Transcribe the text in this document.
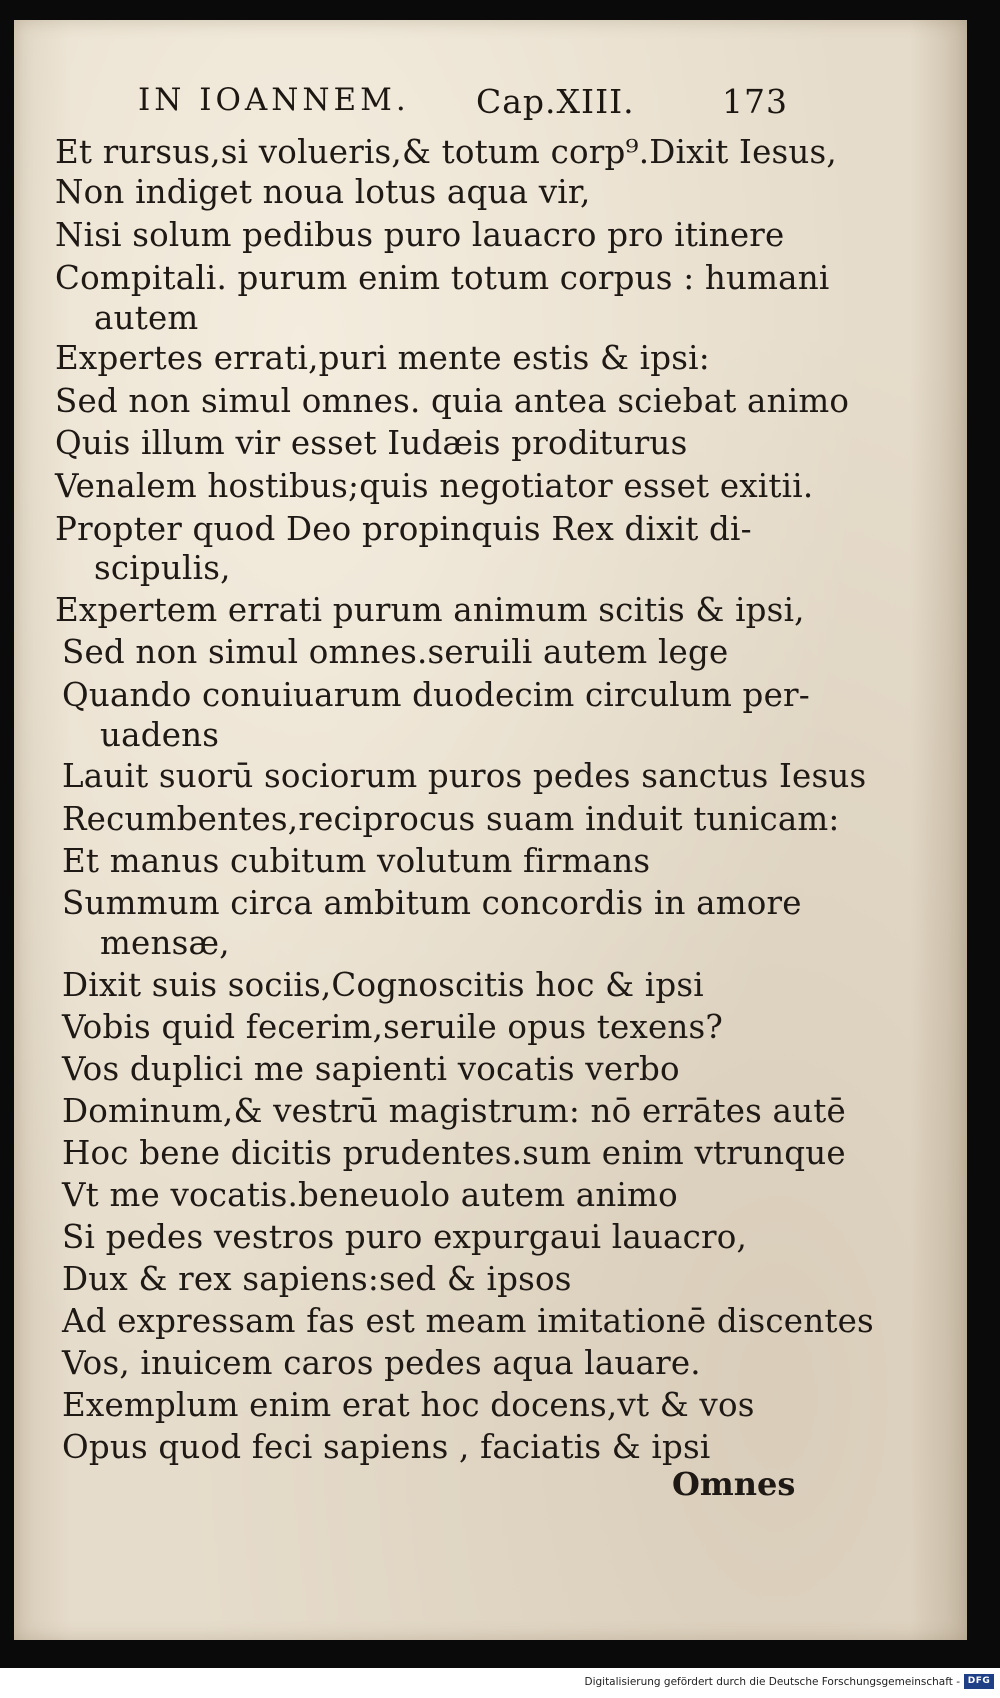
IN IOANNEM. Cap.XIII.	173
Et rursus,si volueris,& totum corp⁹.Dixit Iesus,
Non indiget noua lotus aqua vir,
Nisi solum pedibus puro lauacro pro itinere
Compitali. purum enim totum corpus : humani
autem
Expertes errati,puri mente estis & ipsi:
Sed non simul omnes. quia antea sciebat animo
Quis illum vir esset Iudæis proditurus
Venalem hostibus;quis negotiator esset exitii.
Propter quod Deo propinquis Rex dixit di-
scipulis,
Expertem errati purum animum scitis & ipsi,
Sed non simul omnes.seruili autem lege
Quando conuiuarum duodecim circulum per-
uadens
Lauit suorū sociorum puros pedes sanctus Iesus
Recumbentes,reciprocus suam induit tunicam:
Et manus cubitum volutum firmans
Summum circa ambitum concordis in amore
mensæ,
Dixit suis sociis,Cognoscitis hoc & ipsi
Vobis quid fecerim,seruile opus texens?
Vos duplici me sapienti vocatis verbo
Dominum,& vestrū magistrum: nō errātes autē
Hoc bene dicitis prudentes.sum enim vtrunque
Vt me vocatis.beneuolo autem animo
Si pedes vestros puro expurgaui lauacro,
Dux & rex sapiens:sed & ipsos
Ad expressam fas est meam imitationē discentes
Vos, inuicem caros pedes aqua lauare.
Exemplum enim erat hoc docens,vt & vos
Opus quod feci sapiens , faciatis & ipsi
Omnes
Digitalisierung gefördert durch die Deutsche Forschungsgemeinschaft - DFG
